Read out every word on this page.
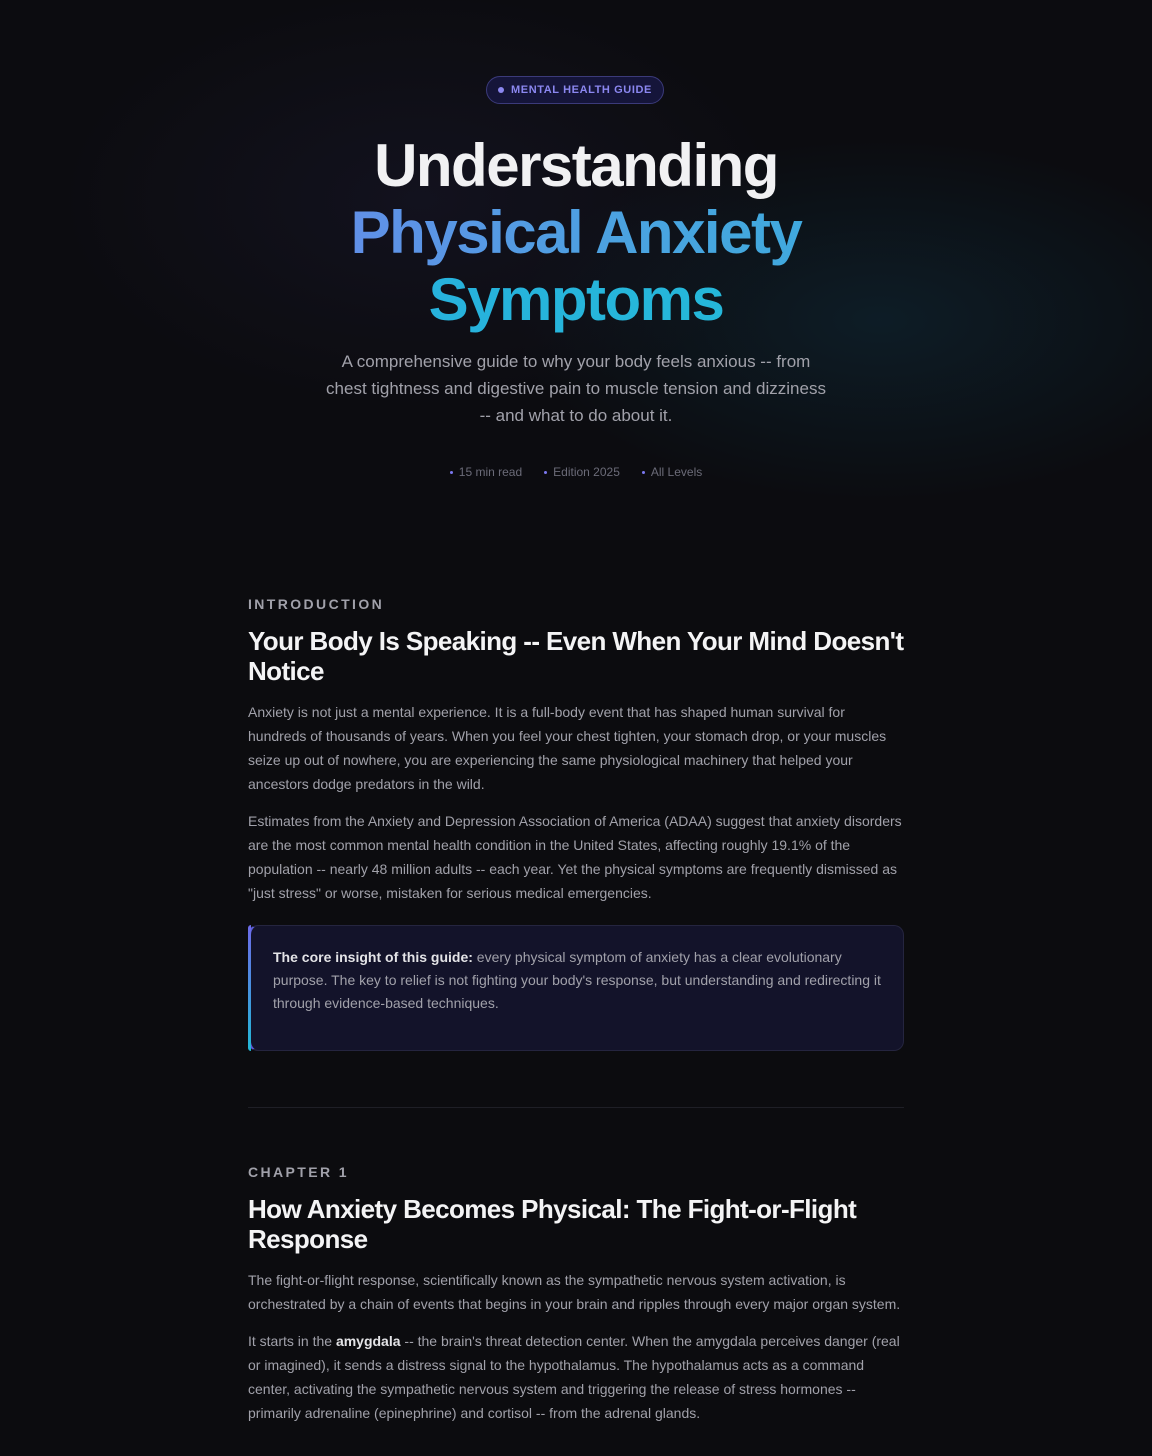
MENTAL HEALTH GUIDE
Understanding
Physical Anxiety
Symptoms

A comprehensive guide to why your body feels anxious -- from chest tightness and digestive pain to muscle tension and dizziness -- and what to do about it.

15 min read	Edition 2025	All Levels

INTRODUCTION

Your Body Is Speaking -- Even When Your Mind Doesn't Notice

Anxiety is not just a mental experience. It is a full-body event that has shaped human survival for hundreds of thousands of years. When you feel your chest tighten, your stomach drop, or your muscles seize up out of nowhere, you are experiencing the same physiological machinery that helped your ancestors dodge predators in the wild.

Estimates from the Anxiety and Depression Association of America (ADAA) suggest that anxiety disorders are the most common mental health condition in the United States, affecting roughly 19.1% of the population -- nearly 48 million adults -- each year. Yet the physical symptoms are frequently dismissed as "just stress" or worse, mistaken for serious medical emergencies.

The core insight of this guide: every physical symptom of anxiety has a clear evolutionary purpose. The key to relief is not fighting your body's response, but understanding and redirecting it through evidence-based techniques.

CHAPTER 1

How Anxiety Becomes Physical: The Fight-or-Flight Response

The fight-or-flight response, scientifically known as the sympathetic nervous system activation, is orchestrated by a chain of events that begins in your brain and ripples through every major organ system.

It starts in the amygdala -- the brain's threat detection center. When the amygdala perceives danger (real or imagined), it sends a distress signal to the hypothalamus. The hypothalamus acts as a command center, activating the sympathetic nervous system and triggering the release of stress hormones -- primarily adrenaline (epinephrine) and cortisol -- from the adrenal glands.
